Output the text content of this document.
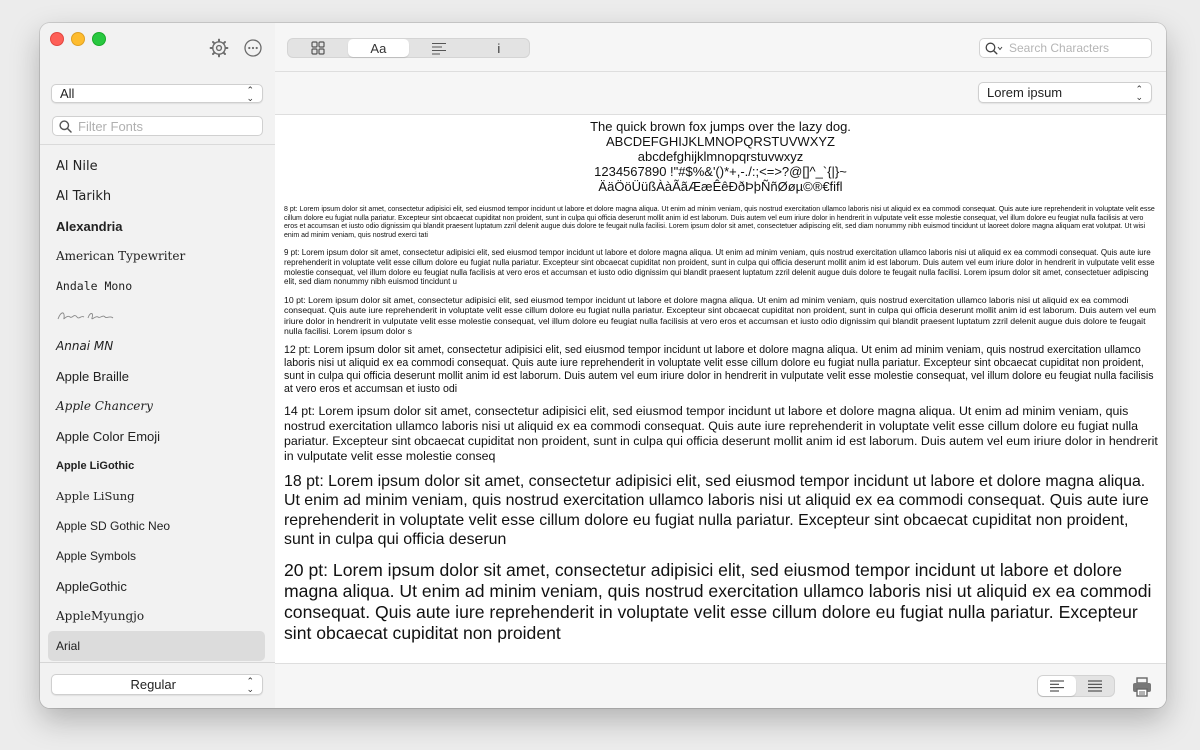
All	⌃
⌄
Filter Fonts
Al Nile
Al Tarikh
Alexandria
American Typewriter
Andale Mono
Annai MN
Apple Braille
Apple Chancery
Apple Color Emoji
Apple LiGothic
Apple LiSung
Apple SD Gothic Neo
Apple Symbols
AppleGothic
AppleMyungjo
Arial
Regular	⌃
⌄
Aa	i	Search Characters
Lorem ipsum	⌃
⌄
The quick brown fox jumps over the lazy dog.
ABCDEFGHIJKLMNOPQRSTUVWXYZ
abcdefghijklmnopqrstuvwxyz
1234567890 !"#$%&'()*+,-./:;<=>?@[]^_`{|}~
ÄäÖöÜüßÀàÃãÆæÊêÐðÞþÑñØøµ©®€fifl
8 pt: Lorem ipsum dolor sit amet, consectetur adipisici elit, sed eiusmod tempor incidunt ut labore et dolore magna aliqua. Ut enim ad minim veniam, quis nostrud exercitation ullamco laboris nisi ut aliquid ex ea commodi consequat. Quis aute iure reprehenderit in voluptate velit esse cillum dolore eu fugiat nulla pariatur. Excepteur sint obcaecat cupiditat non proident, sunt in culpa qui officia deserunt mollit anim id est laborum. Duis autem vel eum iriure dolor in hendrerit in vulputate velit esse molestie consequat, vel illum dolore eu feugiat nulla facilisis at vero eros et accumsan et iusto odio dignissim qui blandit praesent luptatum zzril delenit augue duis dolore te feugait nulla facilisi. Lorem ipsum dolor sit amet, consectetuer adipiscing elit, sed diam nonummy nibh euismod tincidunt ut laoreet dolore magna aliquam erat volutpat. Ut wisi enim ad minim veniam, quis nostrud exerci tati
9 pt: Lorem ipsum dolor sit amet, consectetur adipisici elit, sed eiusmod tempor incidunt ut labore et dolore magna aliqua. Ut enim ad minim veniam, quis nostrud exercitation ullamco laboris nisi ut aliquid ex ea commodi consequat. Quis aute iure reprehenderit in voluptate velit esse cillum dolore eu fugiat nulla pariatur. Excepteur sint obcaecat cupiditat non proident, sunt in culpa qui officia deserunt mollit anim id est laborum. Duis autem vel eum iriure dolor in hendrerit in vulputate velit esse molestie consequat, vel illum dolore eu feugiat nulla facilisis at vero eros et accumsan et iusto odio dignissim qui blandit praesent luptatum zzril delenit augue duis dolore te feugait nulla facilisi. Lorem ipsum dolor sit amet, consectetuer adipiscing elit, sed diam nonummy nibh euismod tincidunt u
10 pt: Lorem ipsum dolor sit amet, consectetur adipisici elit, sed eiusmod tempor incidunt ut labore et dolore magna aliqua. Ut enim ad minim veniam, quis nostrud exercitation ullamco laboris nisi ut aliquid ex ea commodi consequat. Quis aute iure reprehenderit in voluptate velit esse cillum dolore eu fugiat nulla pariatur. Excepteur sint obcaecat cupiditat non proident, sunt in culpa qui officia deserunt mollit anim id est laborum. Duis autem vel eum iriure dolor in hendrerit in vulputate velit esse molestie consequat, vel illum dolore eu feugiat nulla facilisis at vero eros et accumsan et iusto odio dignissim qui blandit praesent luptatum zzril delenit augue duis dolore te feugait nulla facilisi. Lorem ipsum dolor s
12 pt: Lorem ipsum dolor sit amet, consectetur adipisici elit, sed eiusmod tempor incidunt ut labore et dolore magna aliqua. Ut enim ad minim veniam, quis nostrud exercitation ullamco laboris nisi ut aliquid ex ea commodi consequat. Quis aute iure reprehenderit in voluptate velit esse cillum dolore eu fugiat nulla pariatur. Excepteur sint obcaecat cupiditat non proident, sunt in culpa qui officia deserunt mollit anim id est laborum. Duis autem vel eum iriure dolor in hendrerit in vulputate velit esse molestie consequat, vel illum dolore eu feugiat nulla facilisis at vero eros et accumsan et iusto odi
14 pt: Lorem ipsum dolor sit amet, consectetur adipisici elit, sed eiusmod tempor incidunt ut labore et dolore magna aliqua. Ut enim ad minim veniam, quis nostrud exercitation ullamco laboris nisi ut aliquid ex ea commodi consequat. Quis aute iure reprehenderit in voluptate velit esse cillum dolore eu fugiat nulla pariatur. Excepteur sint obcaecat cupiditat non proident, sunt in culpa qui officia deserunt mollit anim id est laborum. Duis autem vel eum iriure dolor in hendrerit in vulputate velit esse molestie conseq
18 pt: Lorem ipsum dolor sit amet, consectetur adipisici elit, sed eiusmod tempor incidunt ut labore et dolore magna aliqua. Ut enim ad minim veniam, quis nostrud exercitation ullamco laboris nisi ut aliquid ex ea commodi consequat. Quis aute iure reprehenderit in voluptate velit esse cillum dolore eu fugiat nulla pariatur. Excepteur sint obcaecat cupiditat non proident, sunt in culpa qui officia deserun
20 pt: Lorem ipsum dolor sit amet, consectetur adipisici elit, sed eiusmod tempor incidunt ut labore et dolore magna aliqua. Ut enim ad minim veniam, quis nostrud exercitation ullamco laboris nisi ut aliquid ex ea commodi consequat. Quis aute iure reprehenderit in voluptate velit esse cillum dolore eu fugiat nulla pariatur. Excepteur sint obcaecat cupiditat non proident
